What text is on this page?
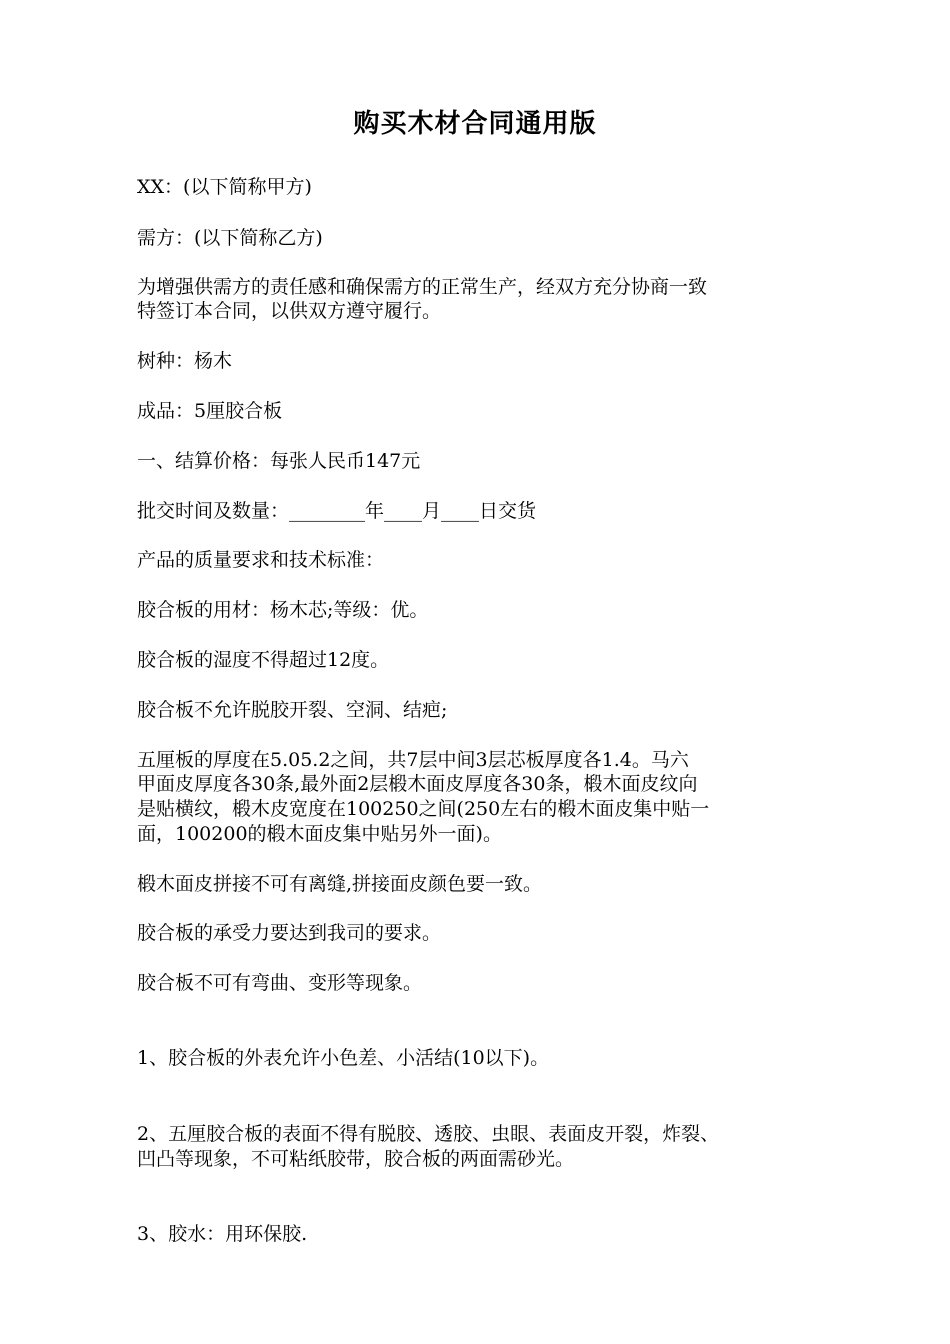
购买木材合同通用版

XX：(以下简称甲方)

需方：(以下简称乙方)

为增强供需方的责任感和确保需方的正常生产，经双方充分协商一致

特签订本合同，以供双方遵守履行。

树种：杨木

成品：5厘胶合板

一、结算价格：每张人民币147元

批交时间及数量：________年____月____日交货

产品的质量要求和技术标准：

胶合板的用材：杨木芯;等级：优。

胶合板的湿度不得超过12度。

胶合板不允许脱胶开裂、空洞、结疤;

五厘板的厚度在5.05.2之间，共7层中间3层芯板厚度各1.4。马六

甲面皮厚度各30条,最外面2层椴木面皮厚度各30条，椴木面皮纹向

是贴横纹，椴木皮宽度在100250之间(250左右的椴木面皮集中贴一

面，100200的椴木面皮集中贴另外一面)。

椴木面皮拼接不可有离缝,拼接面皮颜色要一致。

胶合板的承受力要达到我司的要求。

胶合板不可有弯曲、变形等现象。

1、胶合板的外表允许小色差、小活结(10以下)。

2、五厘胶合板的表面不得有脱胶、透胶、虫眼、表面皮开裂，炸裂、

凹凸等现象，不可粘纸胶带，胶合板的两面需砂光。

3、胶水：用环保胶.
